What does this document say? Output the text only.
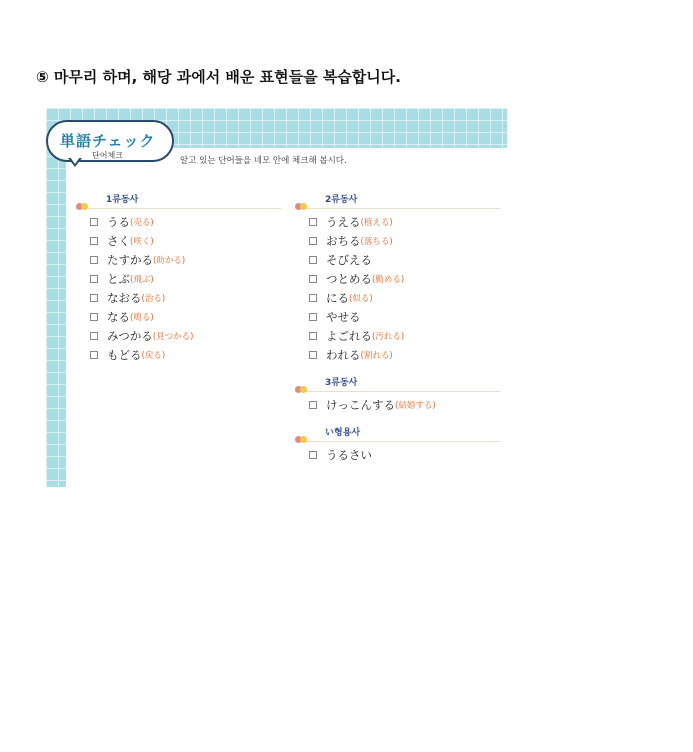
⑤ 마무리 하며, 해당 과에서 배운 표현들을 복습합니다.
単語チェック
단어체크
알고 있는 단어들을 네모 안에 체크해 봅시다.
1류동사
うる (売る)
さく (咲く)
たすかる (助かる)
とぶ (飛ぶ)
なおる (治る)
なる (鳴る)
みつかる (見つかる)
もどる (戻る)
2류동사
うえる (植える)
おちる (落ちる)
そびえる
つとめる (勤める)
にる (似る)
やせる
よごれる (汚れる)
われる (割れる)
3류동사
けっこんする (結婚する)
い형용사
うるさい
